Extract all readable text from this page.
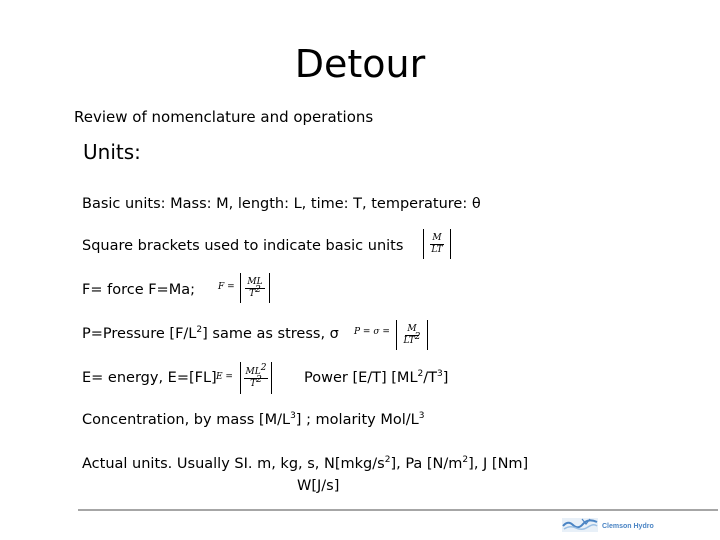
Detour
Review of nomenclature and operations
Units:
Basic units: Mass: M, length: L, time: T, temperature: θ
Square brackets used to indicate basic units	$\frac{M}{LT}$
F= force F=Ma;	$F = \frac{ML}{T^2}$
P=Pressure $[F/L^2]$ same as stress, σ $P = \sigma = \frac{M}{LT^2}$
E= energy, E=[FL] $E = \frac{ML^2}{T^2}$ Power [E/T] $[ML^2/T^3]$
Concentration, by mass $[M/L^3]$ ; molarity Mol/$L^3$
Actual units. Usually SI. m, kg, s, $N[mkg/s^2]$, Pa $[N/m^2]$, J [Nm]
W[J/s]
Clemson Hydro
